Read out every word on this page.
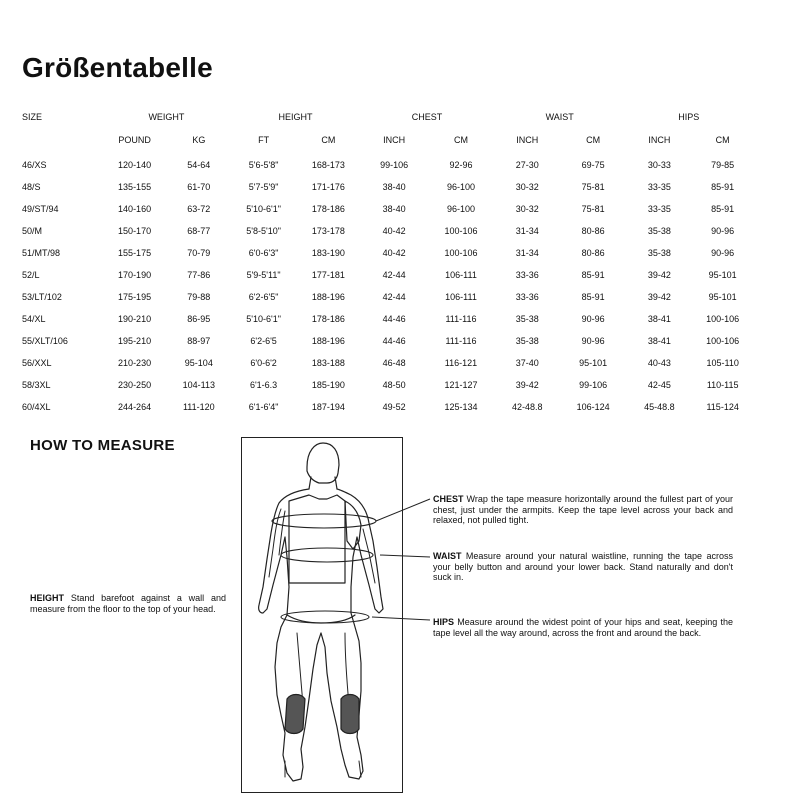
Größentabelle
SIZE	WEIGHT		HEIGHT		CHEST		WAIST		HIPS	
	POUND	KG	FT	CM	INCH	CM	INCH	CM	INCH	CM
46/XS	120-140	54-64	5'6-5'8"	168-173	99-106	92-96	27-30	69-75	30-33	79-85
48/S	135-155	61-70	5'7-5'9"	171-176	38-40	96-100	30-32	75-81	33-35	85-91
49/ST/94	140-160	63-72	5'10-6'1"	178-186	38-40	96-100	30-32	75-81	33-35	85-91
50/M	150-170	68-77	5'8-5'10"	173-178	40-42	100-106	31-34	80-86	35-38	90-96
51/MT/98	155-175	70-79	6'0-6'3"	183-190	40-42	100-106	31-34	80-86	35-38	90-96
52/L	170-190	77-86	5'9-5'11"	177-181	42-44	106-111	33-36	85-91	39-42	95-101
53/LT/102	175-195	79-88	6'2-6'5"	188-196	42-44	106-111	33-36	85-91	39-42	95-101
54/XL	190-210	86-95	5'10-6'1"	178-186	44-46	111-116	35-38	90-96	38-41	100-106
55/XLT/106	195-210	88-97	6'2-6'5	188-196	44-46	111-116	35-38	90-96	38-41	100-106
56/XXL	210-230	95-104	6'0-6'2	183-188	46-48	116-121	37-40	95-101	40-43	105-110
58/3XL	230-250	104-113	6'1-6.3	185-190	48-50	121-127	39-42	99-106	42-45	110-115
60/4XL	244-264	111-120	6'1-6'4"	187-194	49-52	125-134	42-48.8	106-124	45-48.8	115-124
HOW TO MEASURE

HEIGHT Stand barefoot against a wall and measure from the floor to the top of your head.

CHEST Wrap the tape measure horizontally around the fullest part of your chest, just under the armpits. Keep the tape level across your back and relaxed, not pulled tight.

WAIST Measure around your natural waistline, running the tape across your belly button and around your lower back. Stand naturally and don't suck in.

HIPS Measure around the widest point of your hips and seat, keeping the tape level all the way around, across the front and around the back.
